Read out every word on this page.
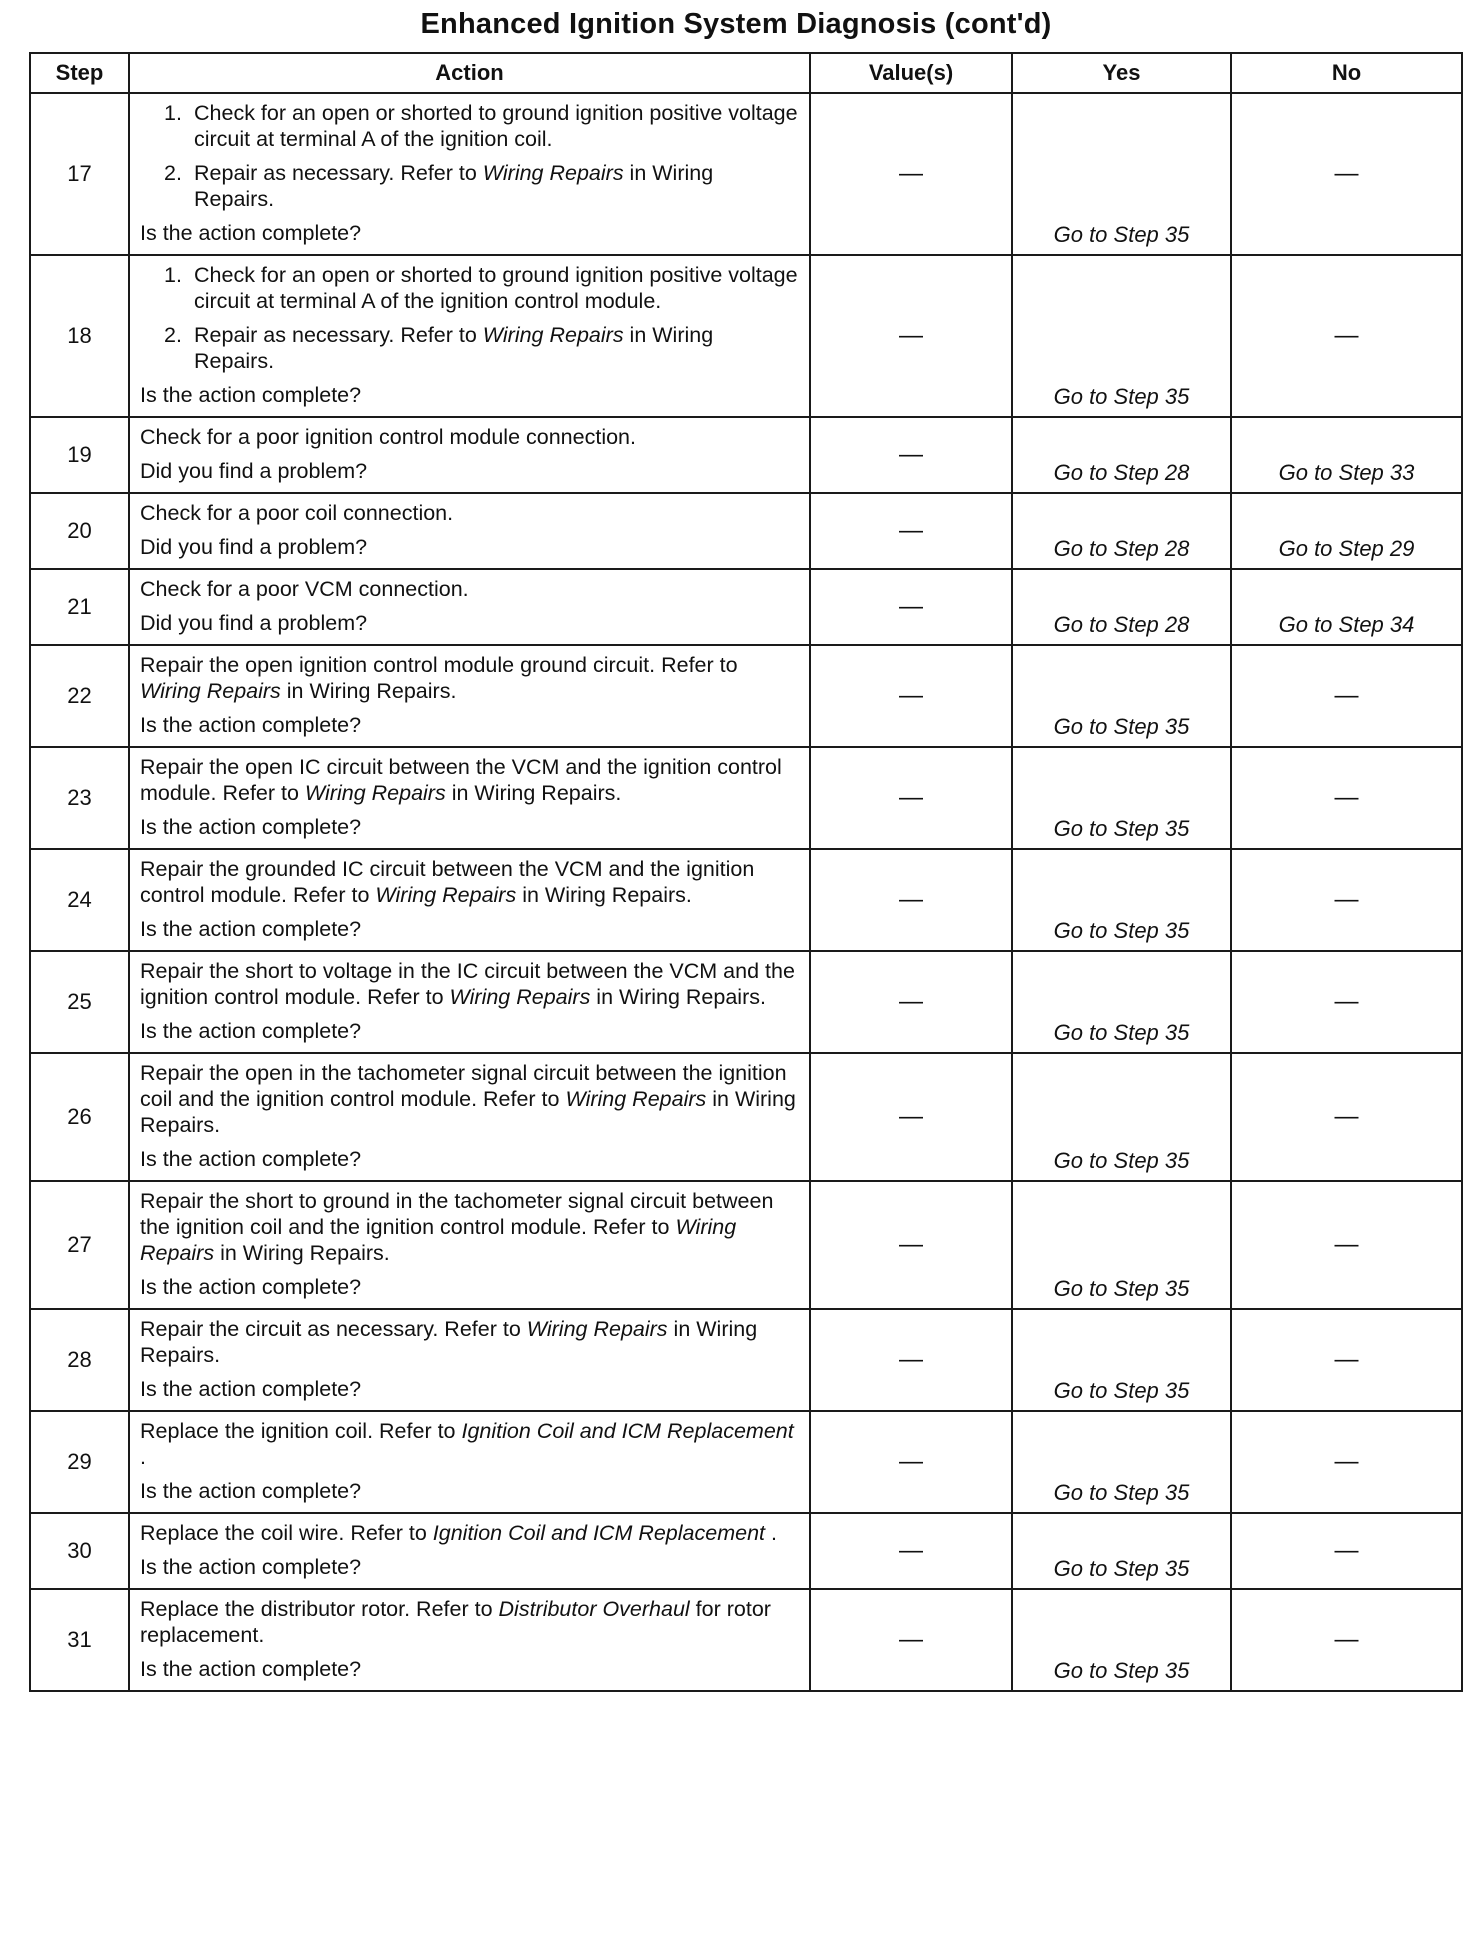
Enhanced Ignition System Diagnosis (cont'd)
Step	Action	Value(s)	Yes	No
17	1. Check for an open or shorted to ground ignition positive voltage circuit at terminal A of the ignition coil.
2. Repair as necessary. Refer to Wiring Repairs in Wiring Repairs.
Is the action complete?	—	Go to Step 35	—
18	1. Check for an open or shorted to ground ignition positive voltage circuit at terminal A of the ignition control module.
2. Repair as necessary. Refer to Wiring Repairs in Wiring Repairs.
Is the action complete?	—	Go to Step 35	—
19	Check for a poor ignition control module connection.
Did you find a problem?	—	Go to Step 28	Go to Step 33
20	Check for a poor coil connection.
Did you find a problem?	—	Go to Step 28	Go to Step 29
21	Check for a poor VCM connection.
Did you find a problem?	—	Go to Step 28	Go to Step 34
22	Repair the open ignition control module ground circuit. Refer to Wiring Repairs in Wiring Repairs.
Is the action complete?	—	Go to Step 35	—
23	Repair the open IC circuit between the VCM and the ignition control module. Refer to Wiring Repairs in Wiring Repairs.
Is the action complete?	—	Go to Step 35	—
24	Repair the grounded IC circuit between the VCM and the ignition control module. Refer to Wiring Repairs in Wiring Repairs.
Is the action complete?	—	Go to Step 35	—
25	Repair the short to voltage in the IC circuit between the VCM and the ignition control module. Refer to Wiring Repairs in Wiring Repairs.
Is the action complete?	—	Go to Step 35	—
26	Repair the open in the tachometer signal circuit between the ignition coil and the ignition control module. Refer to Wiring Repairs in Wiring Repairs.
Is the action complete?	—	Go to Step 35	—
27	Repair the short to ground in the tachometer signal circuit between the ignition coil and the ignition control module. Refer to Wiring Repairs in Wiring Repairs.
Is the action complete?	—	Go to Step 35	—
28	Repair the circuit as necessary. Refer to Wiring Repairs in Wiring Repairs.
Is the action complete?	—	Go to Step 35	—
29	Replace the ignition coil. Refer to Ignition Coil and ICM Replacement .
Is the action complete?	—	Go to Step 35	—
30	Replace the coil wire. Refer to Ignition Coil and ICM Replacement .
Is the action complete?	—	Go to Step 35	—
31	Replace the distributor rotor. Refer to Distributor Overhaul for rotor replacement.
Is the action complete?	—	Go to Step 35	—
